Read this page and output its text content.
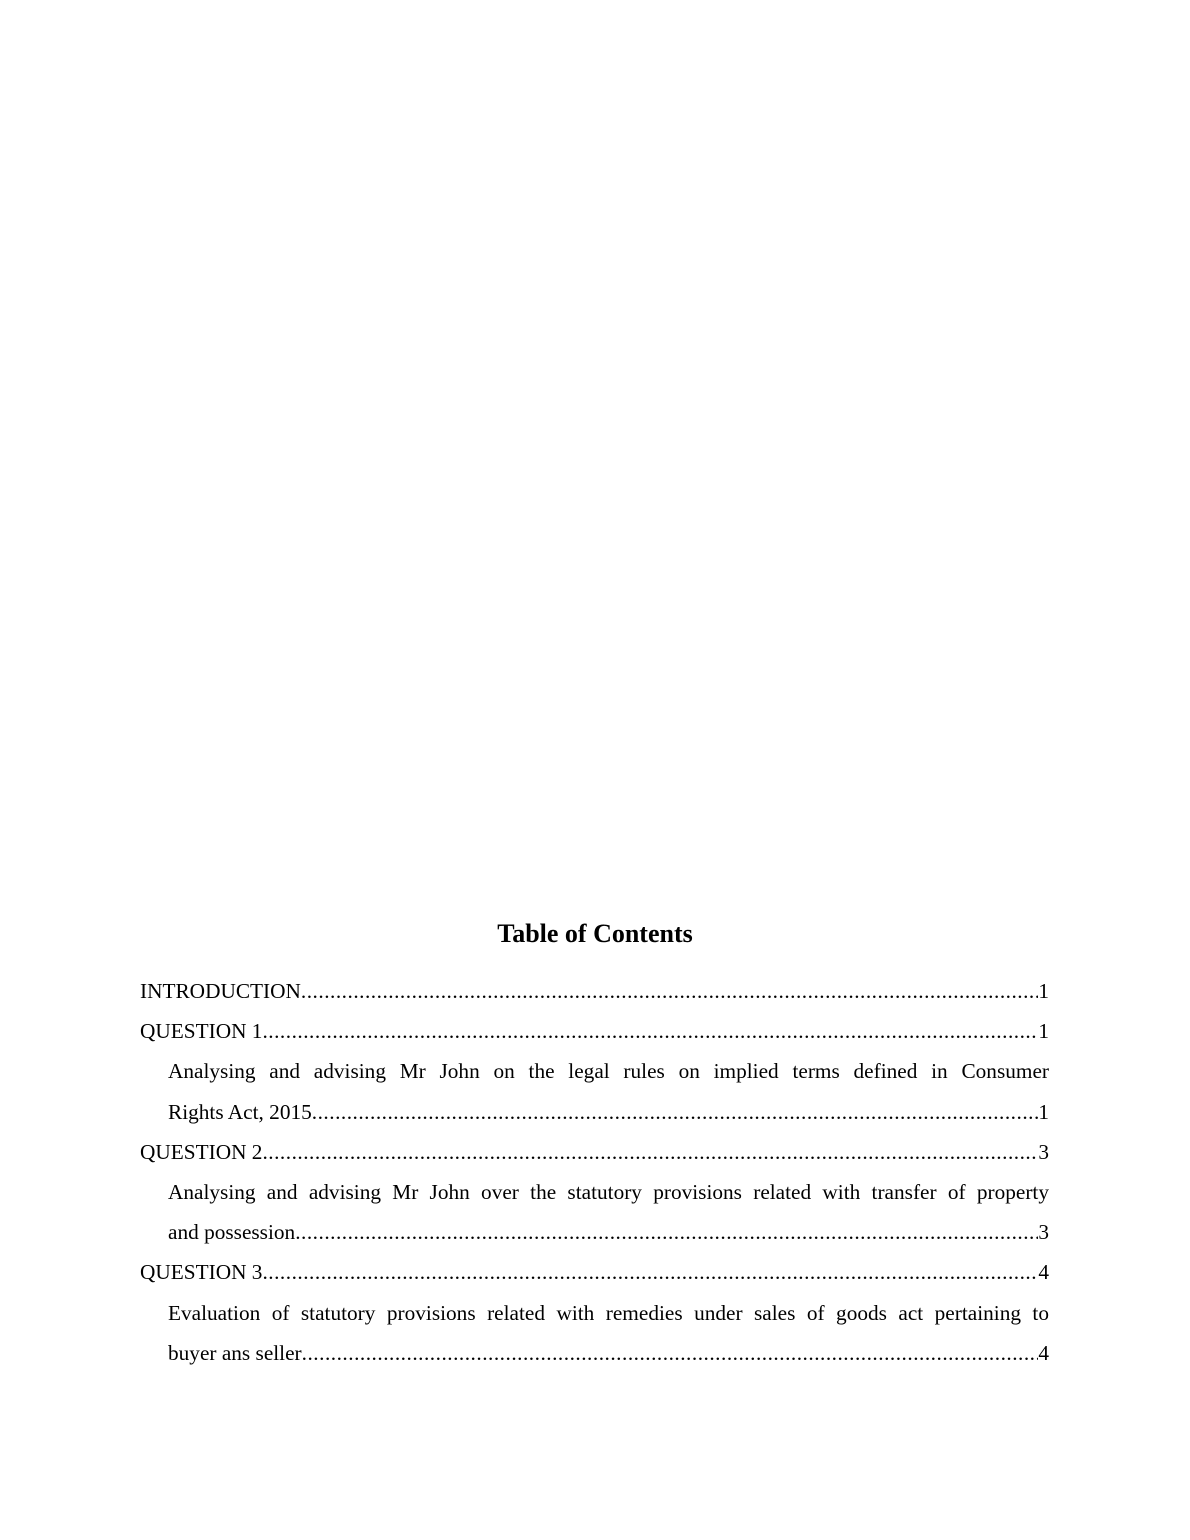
Table of Contents
INTRODUCTION .....	1
QUESTION 1 .....	1
Analysing and advising Mr John on the legal rules on implied terms defined in Consumer
Rights Act, 2015 .....	1
QUESTION 2 .....	3
Analysing and advising Mr John over the statutory provisions related with transfer of property
and possession .....	3
QUESTION 3 .....	4
Evaluation of statutory provisions related with remedies under sales of goods act pertaining to
buyer ans seller .....	4
